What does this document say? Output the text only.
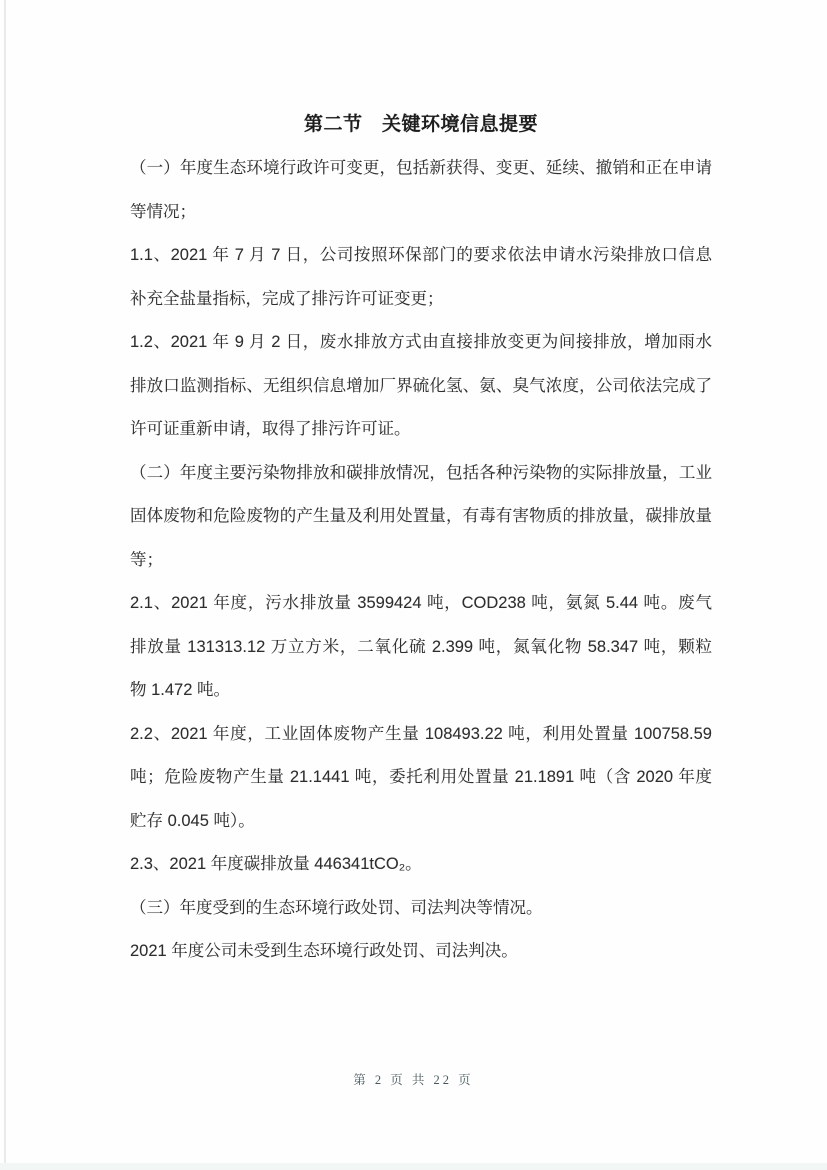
第二节　关键环境信息提要
（一）年度生态环境行政许可变更，包括新获得、变更、延续、撤销和正在申请
等情况；
1.1、2021 年 7 月 7 日，公司按照环保部门的要求依法申请水污染排放口信息
补充全盐量指标，完成了排污许可证变更；
1.2、2021 年 9 月 2 日，废水排放方式由直接排放变更为间接排放，增加雨水
排放口监测指标、无组织信息增加厂界硫化氢、氨、臭气浓度，公司依法完成了
许可证重新申请，取得了排污许可证。
（二）年度主要污染物排放和碳排放情况，包括各种污染物的实际排放量，工业
固体废物和危险废物的产生量及利用处置量，有毒有害物质的排放量，碳排放量
等；
2.1、2021 年度，污水排放量 3599424 吨，COD238 吨，氨氮 5.44 吨。废气
排放量 131313.12 万立方米，二氧化硫 2.399 吨，氮氧化物 58.347 吨，颗粒
物 1.472 吨。
2.2、2021 年度，工业固体废物产生量 108493.22 吨，利用处置量 100758.59
吨；危险废物产生量 21.1441 吨，委托利用处置量 21.1891 吨（含 2020 年度
贮存 0.045 吨）。
2.3、2021 年度碳排放量 446341tCO₂。
（三）年度受到的生态环境行政处罚、司法判决等情况。
2021 年度公司未受到生态环境行政处罚、司法判决。
第 2 页 共 22 页
